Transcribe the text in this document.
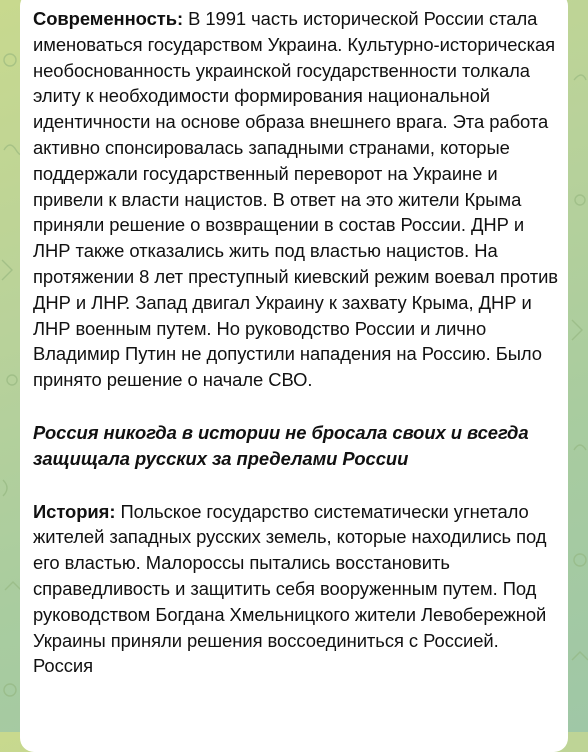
Современность: В 1991 часть исторической России стала именоваться государством Украина. Культурно-историческая необоснованность украинской государственности толкала элиту к необходимости формирования национальной идентичности на основе образа внешнего врага. Эта работа активно спонсировалась западными странами, которые поддержали государственный переворот на Украине и привели к власти нацистов. В ответ на это жители Крыма приняли решение о возвращении в состав России. ДНР и ЛНР также отказались жить под властью нацистов. На протяжении 8 лет преступный киевский режим воевал против ДНР и ЛНР. Запад двигал Украину к захвату Крыма, ДНР и ЛНР военным путем. Но руководство России и лично Владимир Путин не допустили нападения на Россию. Было принято решение о начале СВО.

Россия никогда в истории не бросала своих и всегда защищала русских за пределами России

История: Польское государство систематически угнетало жителей западных русских земель, которые находились под его властью. Малороссы пытались восстановить справедливость и защитить себя вооруженным путем. Под руководством Богдана Хмельницкого жители Левобережной Украины приняли решения воссоединиться с Россией. Россия
